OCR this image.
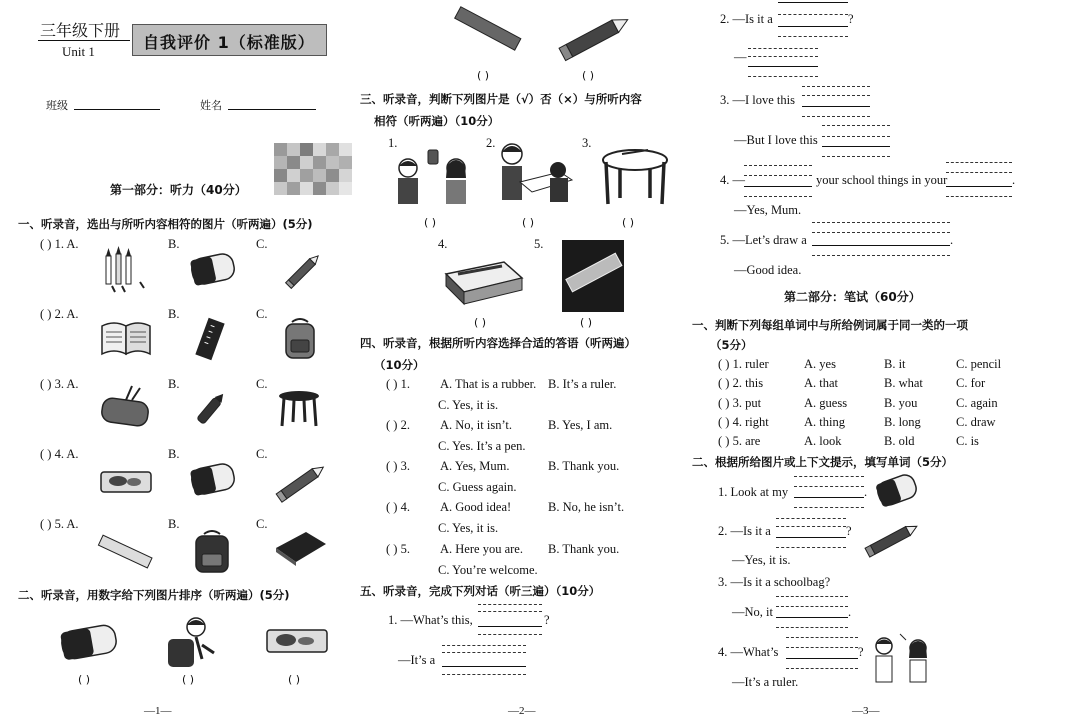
三年级下册
Unit 1	自我评价 1（标准版）
班级	姓名
第一部分：听力（40分）
一、听录音，选出与所听内容相符的图片（听两遍）(5分)
( ) 1. A.	B.	C.
( ) 2. A.	B.	C.
( ) 3. A.	B.	C.
( ) 4. A.	B.	C.
( ) 5. A.	B.	C.
二、听录音，用数字给下列图片排序（听两遍）(5分)
( )	( )	( )
—1—
( )	( )
三、听录音，判断下列图片是（√）否（×）与所听内容
相符（听两遍）（10分）
1.	2.	3.
( )	( )	( )
4.	5.
( )	( )
四、听录音，根据所听内容选择合适的答语（听两遍）
（10分）
( ) 1. A. That is a rubber. B. It’s a ruler.
C. Yes, it is.
( ) 2. A. No, it isn’t.	B. Yes, I am.
C. Yes. It’s a pen.
( ) 3. A. Yes, Mum.	B. Thank you.
C. Guess again.
( ) 4. A. Good idea!	B. No, he isn’t.
C. Yes, it is.
( ) 5. A. Here you are. B. Thank you.
C. You’re welcome.
五、听录音，完成下列对话（听三遍）（10分）
1. —What’s this,	?
—It’s a
—2—
2. —Is it a	?
—
3. —I love this
—But I love this
4. —	your school things in your	.
—Yes, Mum.
5. —Let’s draw a	.
—Good idea.
第二部分：笔试（60分）
一、判断下列每组单词中与所给例词属于同一类的一项
（5分）
( ) 1. ruler	A. yes	B. it	C. pencil
( ) 2. this	A. that	B. what	C. for
( ) 3. put	A. guess	B. you	C. again
( ) 4. right	A. thing	B. long	C. draw
( ) 5. are	A. look	B. old	C. is
二、根据所给图片或上下文提示，填写单词（5分）
1. Look at my	.
2. —Is it a	?
—Yes, it is.
3. —Is it a schoolbag?
—No, it	.
4. —What’s	?
—It’s a ruler.
—3—
